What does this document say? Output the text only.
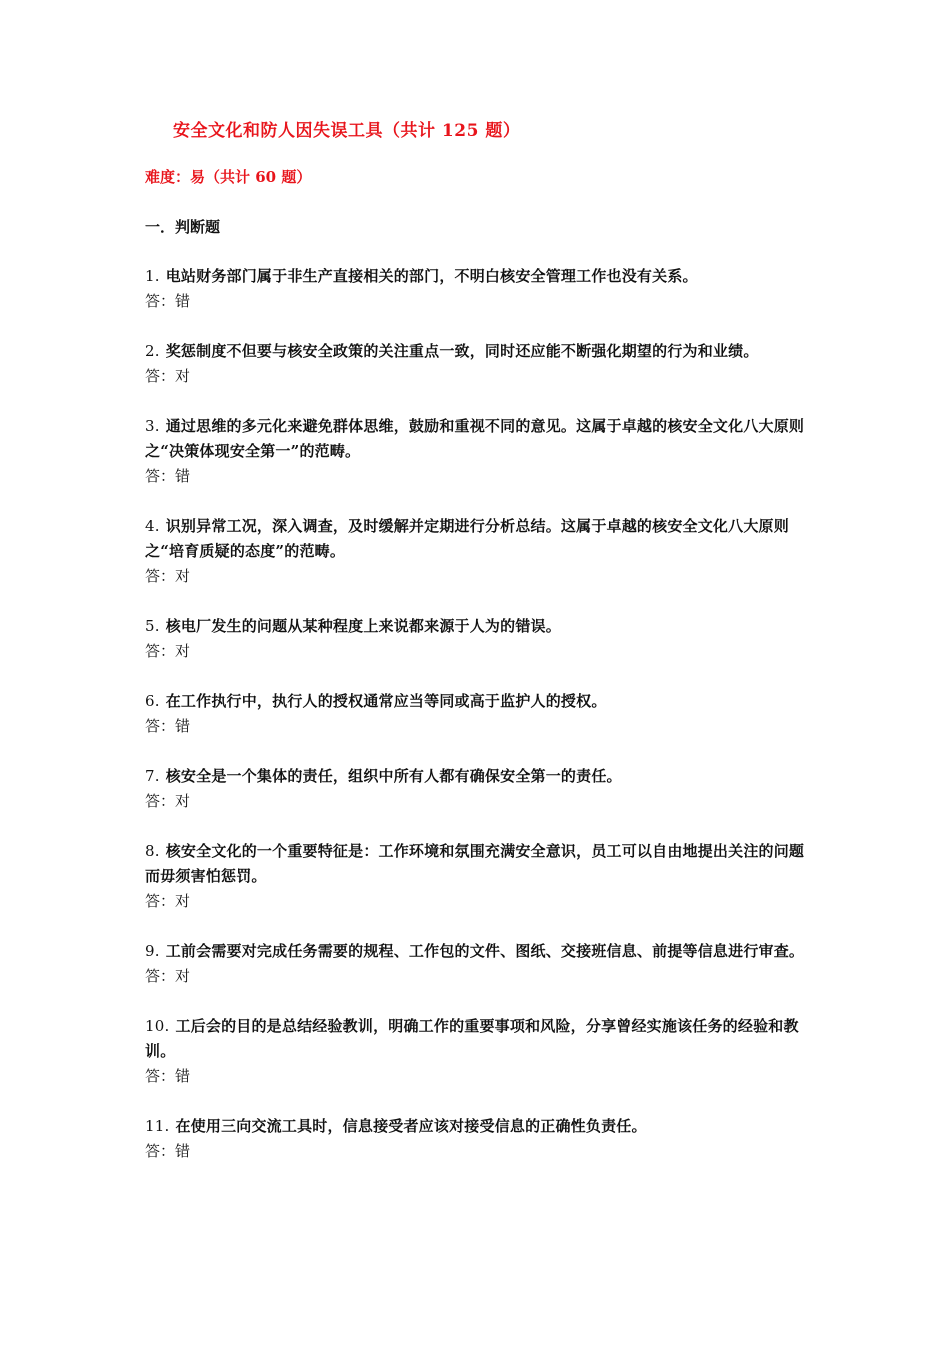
安全文化和防人因失误工具（共计 125 题）
难度：易（共计 60 题）
一．判断题
1. 电站财务部门属于非生产直接相关的部门，不明白核安全管理工作也没有关系。
答：错
2. 奖惩制度不但要与核安全政策的关注重点一致，同时还应能不断强化期望的行为和业绩。
答：对
3. 通过思维的多元化来避免群体思维，鼓励和重视不同的意见。这属于卓越的核安全文化八大原则之“决策体现安全第一”的范畴。
答：错
4. 识别异常工况，深入调查，及时缓解并定期进行分析总结。这属于卓越的核安全文化八大原则之“培育质疑的态度”的范畴。
答：对
5. 核电厂发生的问题从某种程度上来说都来源于人为的错误。
答：对
6. 在工作执行中，执行人的授权通常应当等同或高于监护人的授权。
答：错
7. 核安全是一个集体的责任，组织中所有人都有确保安全第一的责任。
答：对
8. 核安全文化的一个重要特征是：工作环境和氛围充满安全意识，员工可以自由地提出关注的问题而毋须害怕惩罚。
答：对
9. 工前会需要对完成任务需要的规程、工作包的文件、图纸、交接班信息、前提等信息进行审查。
答：对
10. 工后会的目的是总结经验教训，明确工作的重要事项和风险，分享曾经实施该任务的经验和教训。
答：错
11. 在使用三向交流工具时，信息接受者应该对接受信息的正确性负责任。
答：错
